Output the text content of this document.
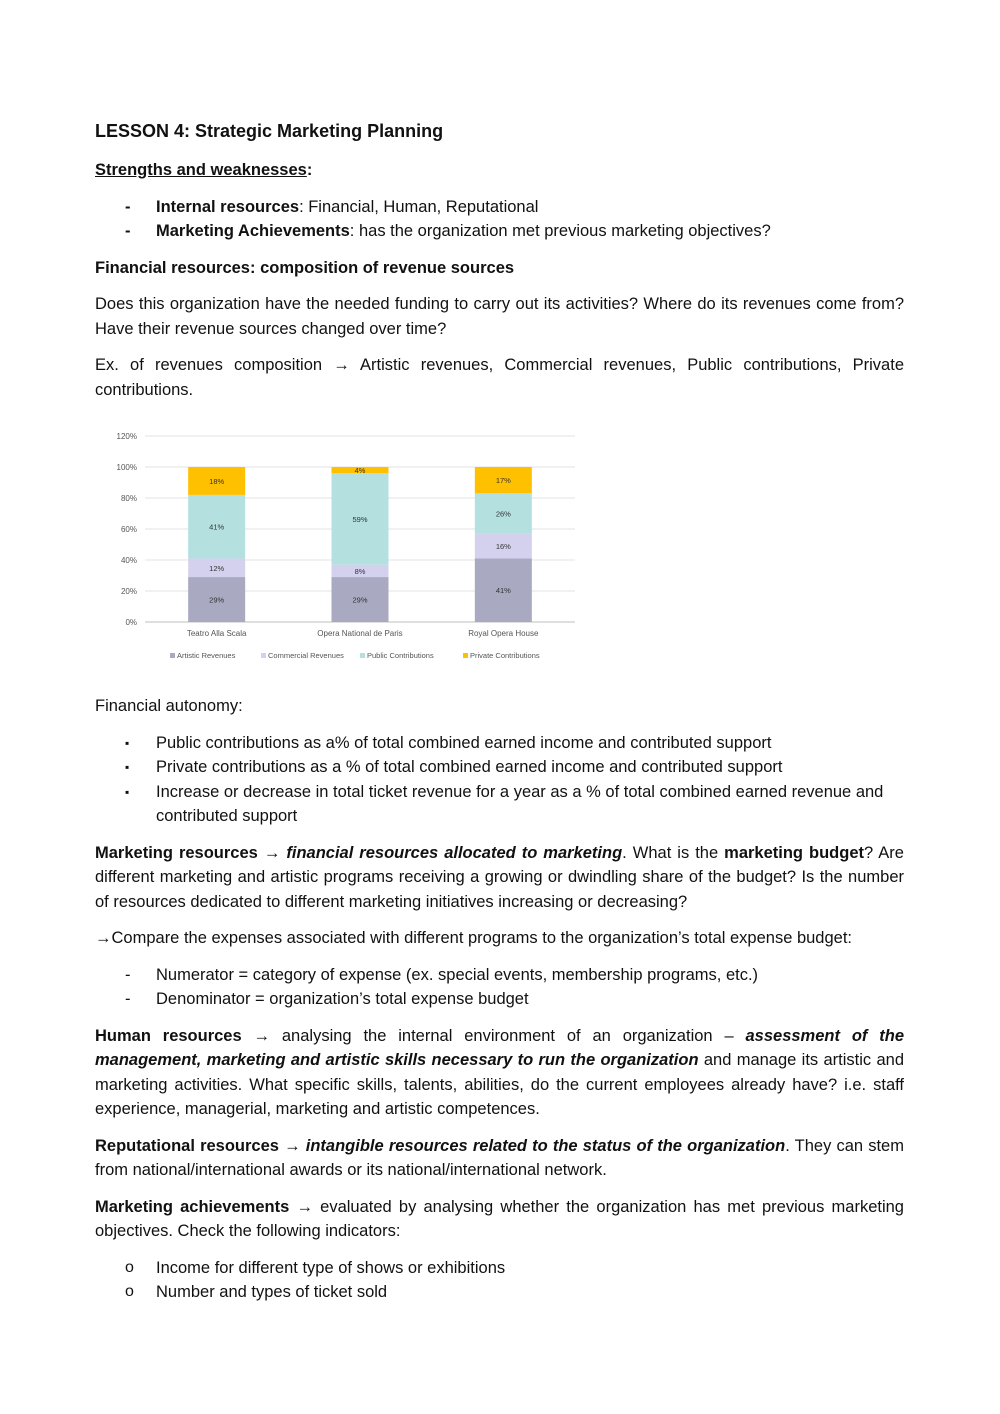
LESSON 4: Strategic Marketing Planning

Strengths and weaknesses:

-	Internal resources: Financial, Human, Reputational
-	Marketing Achievements: has the organization met previous marketing objectives?

Financial resources: composition of revenue sources

Does this organization have the needed funding to carry out its activities? Where do its revenues come from? Have their revenue sources changed over time?

Ex. of revenues composition → Artistic revenues, Commercial revenues, Public contributions, Private contributions.

0%
20%
40%
60%
80%
100%
120%
29%
12%
41%
18%
Teatro Alla Scala
29%
8%
59%
4%
Opera National de Paris
41%
16%
26%
17%
Royal Opera House
Artistic Revenues	Commercial Revenues	Public Contributions	Private Contributions

Financial autonomy:

▪	Public contributions as a% of total combined earned income and contributed support
▪	Private contributions as a % of total combined earned income and contributed support
▪	Increase or decrease in total ticket revenue for a year as a % of total combined earned revenue and contributed support

Marketing resources → financial resources allocated to marketing. What is the marketing budget? Are different marketing and artistic programs receiving a growing or dwindling share of the budget? Is the number of resources dedicated to different marketing initiatives increasing or decreasing?

→Compare the expenses associated with different programs to the organization’s total expense budget:

-	Numerator = category of expense (ex. special events, membership programs, etc.)
-	Denominator = organization’s total expense budget

Human resources → analysing the internal environment of an organization – assessment of the management, marketing and artistic skills necessary to run the organization and manage its artistic and marketing activities. What specific skills, talents, abilities, do the current employees already have? i.e. staff experience, managerial, marketing and artistic competences.

Reputational resources → intangible resources related to the status of the organization. They can stem from national/international awards or its national/international network.

Marketing achievements → evaluated by analysing whether the organization has met previous marketing objectives. Check the following indicators:

o	Income for different type of shows or exhibitions
o	Number and types of ticket sold
